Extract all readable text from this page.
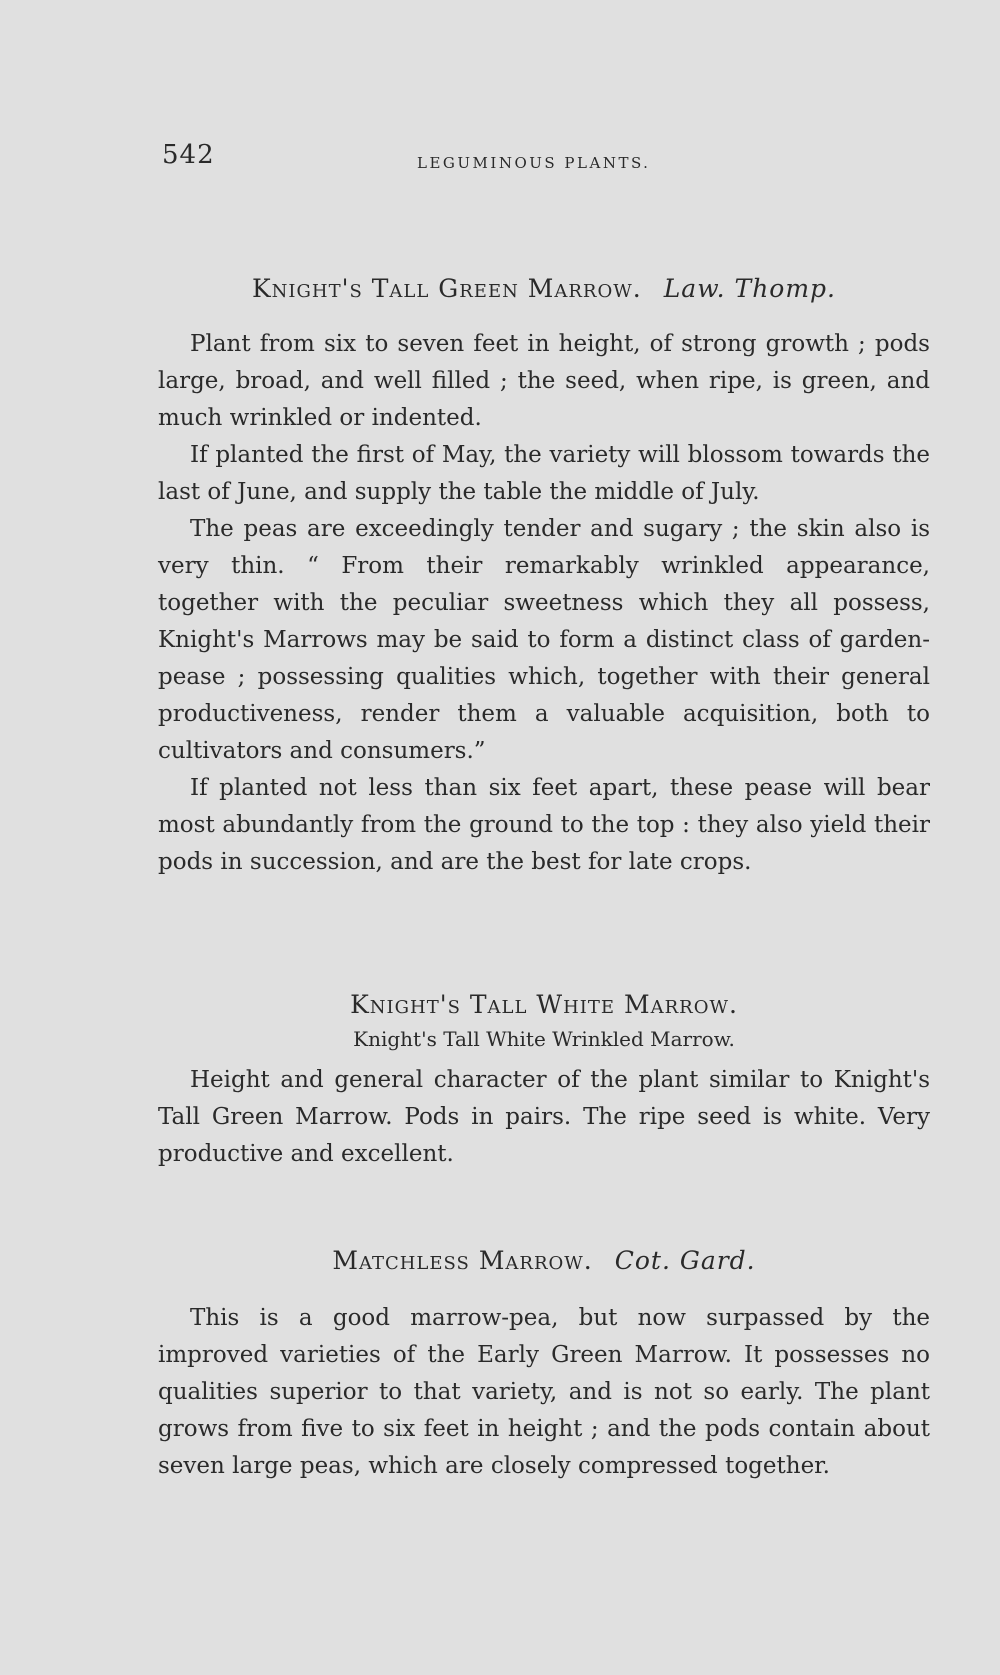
542	LEGUMINOUS PLANTS.

Knight's Tall Green Marrow. Law. Thomp.

Plant from six to seven feet in height, of strong growth ; pods large, broad, and well filled ; the seed, when ripe, is green, and much wrinkled or indented.

If planted the first of May, the variety will blossom towards the last of June, and supply the table the middle of July.

The peas are exceedingly tender and sugary ; the skin also is very thin. “ From their remarkably wrinkled appearance, together with the peculiar sweetness which they all possess, Knight's Marrows may be said to form a distinct class of garden-pease ; possessing qualities which, together with their general productiveness, render them a valuable acquisition, both to cultivators and consumers.”

If planted not less than six feet apart, these pease will bear most abundantly from the ground to the top : they also yield their pods in succession, and are the best for late crops.

Knight's Tall White Marrow.

Knight's Tall White Wrinkled Marrow.

Height and general character of the plant similar to Knight's Tall Green Marrow. Pods in pairs. The ripe seed is white. Very productive and excellent.

Matchless Marrow. Cot. Gard.

This is a good marrow-pea, but now surpassed by the improved varieties of the Early Green Marrow. It possesses no qualities superior to that variety, and is not so early. The plant grows from five to six feet in height ; and the pods contain about seven large peas, which are closely compressed together.
